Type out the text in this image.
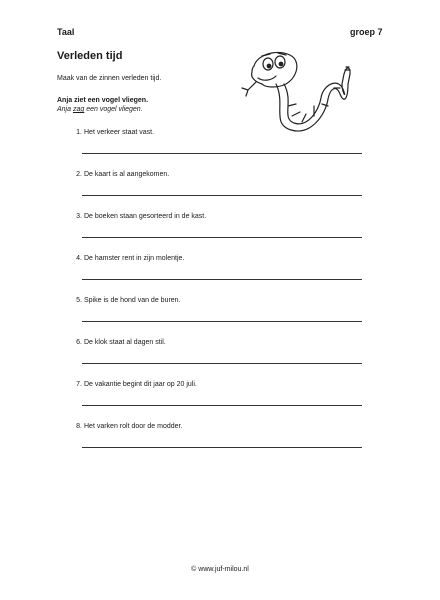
Taal	groep 7
Verleden tijd
Maak van de zinnen verleden tijd.
Anja ziet een vogel vliegen.
Anja zag een vogel vliegen.
1. Het verkeer staat vast.
2. De kaart is al aangekomen.
3. De boeken staan gesorteerd in de kast.
4. De hamster rent in zijn molentje.
5. Spike is de hond van de buren.
6. De klok staat al dagen stil.
7. De vakantie begint dit jaar op 20 juli.
8. Het varken rolt door de modder.
© www.juf-milou.nl
